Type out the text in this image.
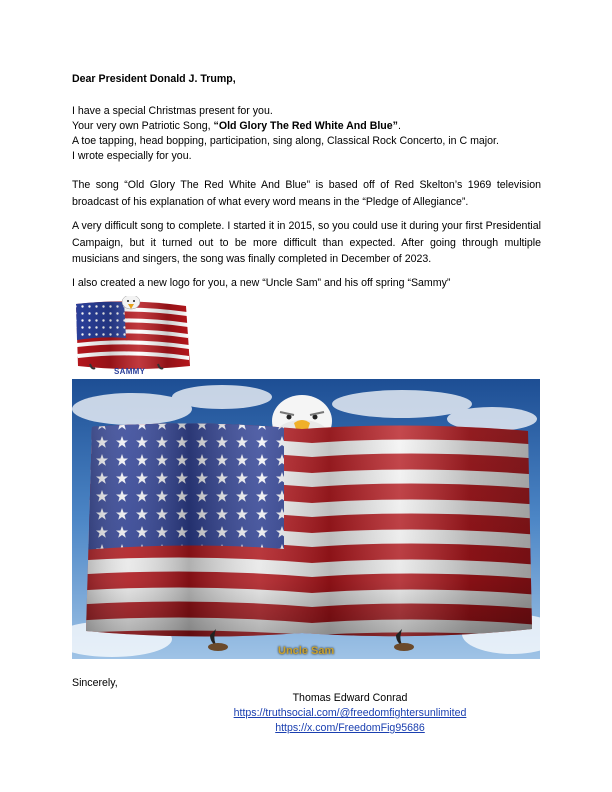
Dear President Donald J. Trump,
I have a special Christmas present for you.
Your very own Patriotic Song, “Old Glory The Red White And Blue”.
A toe tapping, head bopping, participation, sing along, Classical Rock Concerto, in C major.
I wrote especially for you.
The song “Old Glory The Red White And Blue” is based off of Red Skelton’s 1969 television broadcast of his explanation of what every word means in the “Pledge of Allegiance”.
A very difficult song to complete. I started it in 2015, so you could use it during your first Presidential Campaign, but it turned out to be more difficult than expected. After going through multiple musicians and singers, the song was finally completed in December of 2023.
I also created a new logo for you, a new “Uncle Sam” and his off spring “Sammy”
SAMMY
Uncle Sam
Sincerely,
Thomas Edward Conrad
https://truthsocial.com/@freedomfightersunlimited
https://x.com/FreedomFig95686
